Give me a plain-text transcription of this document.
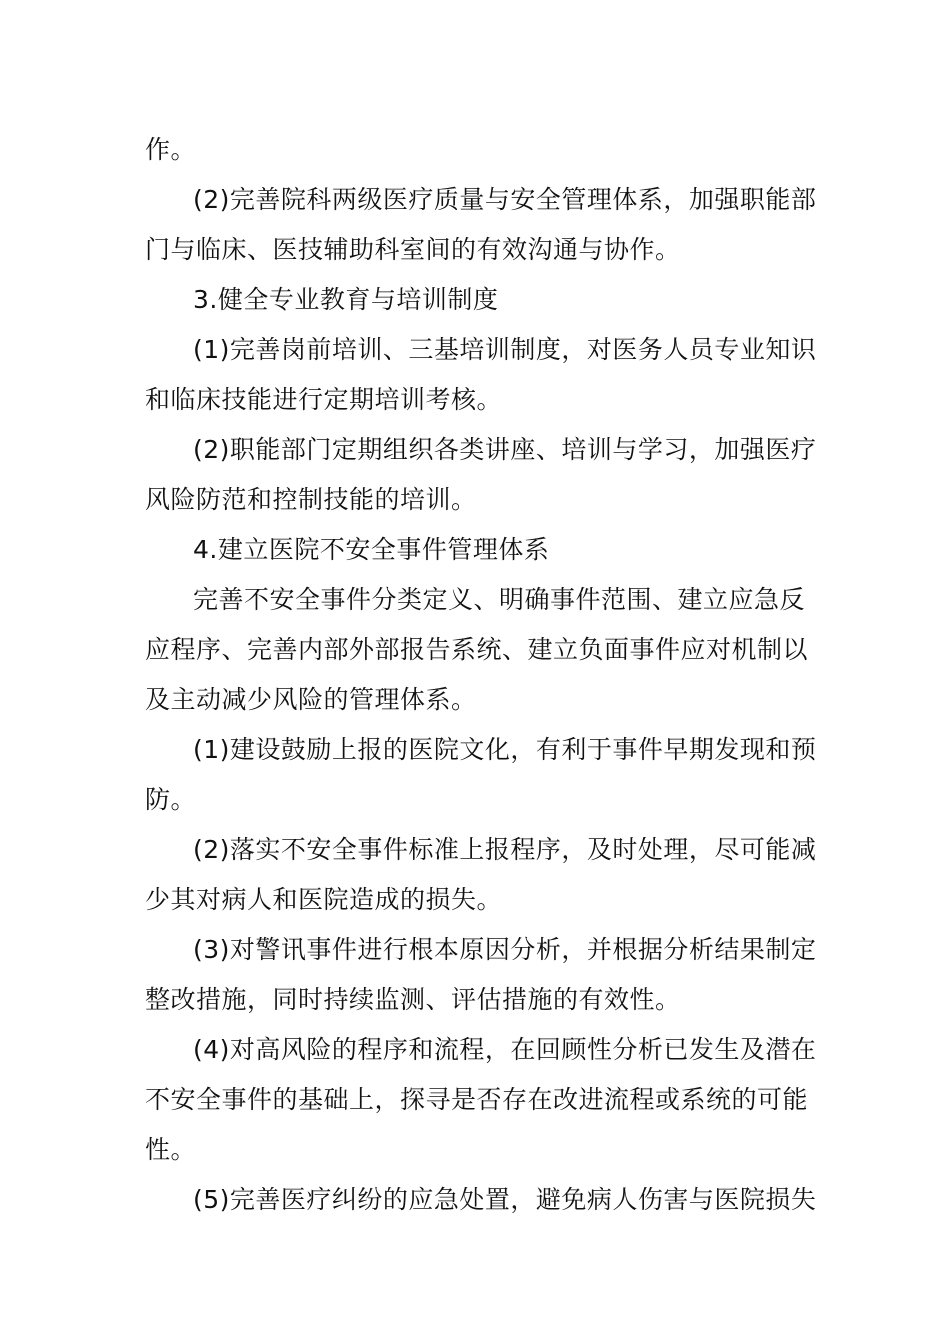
作。
(2)完善院科两级医疗质量与安全管理体系，加强职能部
门与临床、医技辅助科室间的有效沟通与协作。
3.健全专业教育与培训制度
(1)完善岗前培训、三基培训制度，对医务人员专业知识
和临床技能进行定期培训考核。
(2)职能部门定期组织各类讲座、培训与学习，加强医疗
风险防范和控制技能的培训。
4.建立医院不安全事件管理体系
完善不安全事件分类定义、明确事件范围、建立应急反
应程序、完善内部外部报告系统、建立负面事件应对机制以
及主动减少风险的管理体系。
(1)建设鼓励上报的医院文化，有利于事件早期发现和预
防。
(2)落实不安全事件标准上报程序，及时处理，尽可能减
少其对病人和医院造成的损失。
(3)对警讯事件进行根本原因分析，并根据分析结果制定
整改措施，同时持续监测、评估措施的有效性。
(4)对高风险的程序和流程，在回顾性分析已发生及潜在
不安全事件的基础上，探寻是否存在改进流程或系统的可能
性。
(5)完善医疗纠纷的应急处置，避免病人伤害与医院损失
